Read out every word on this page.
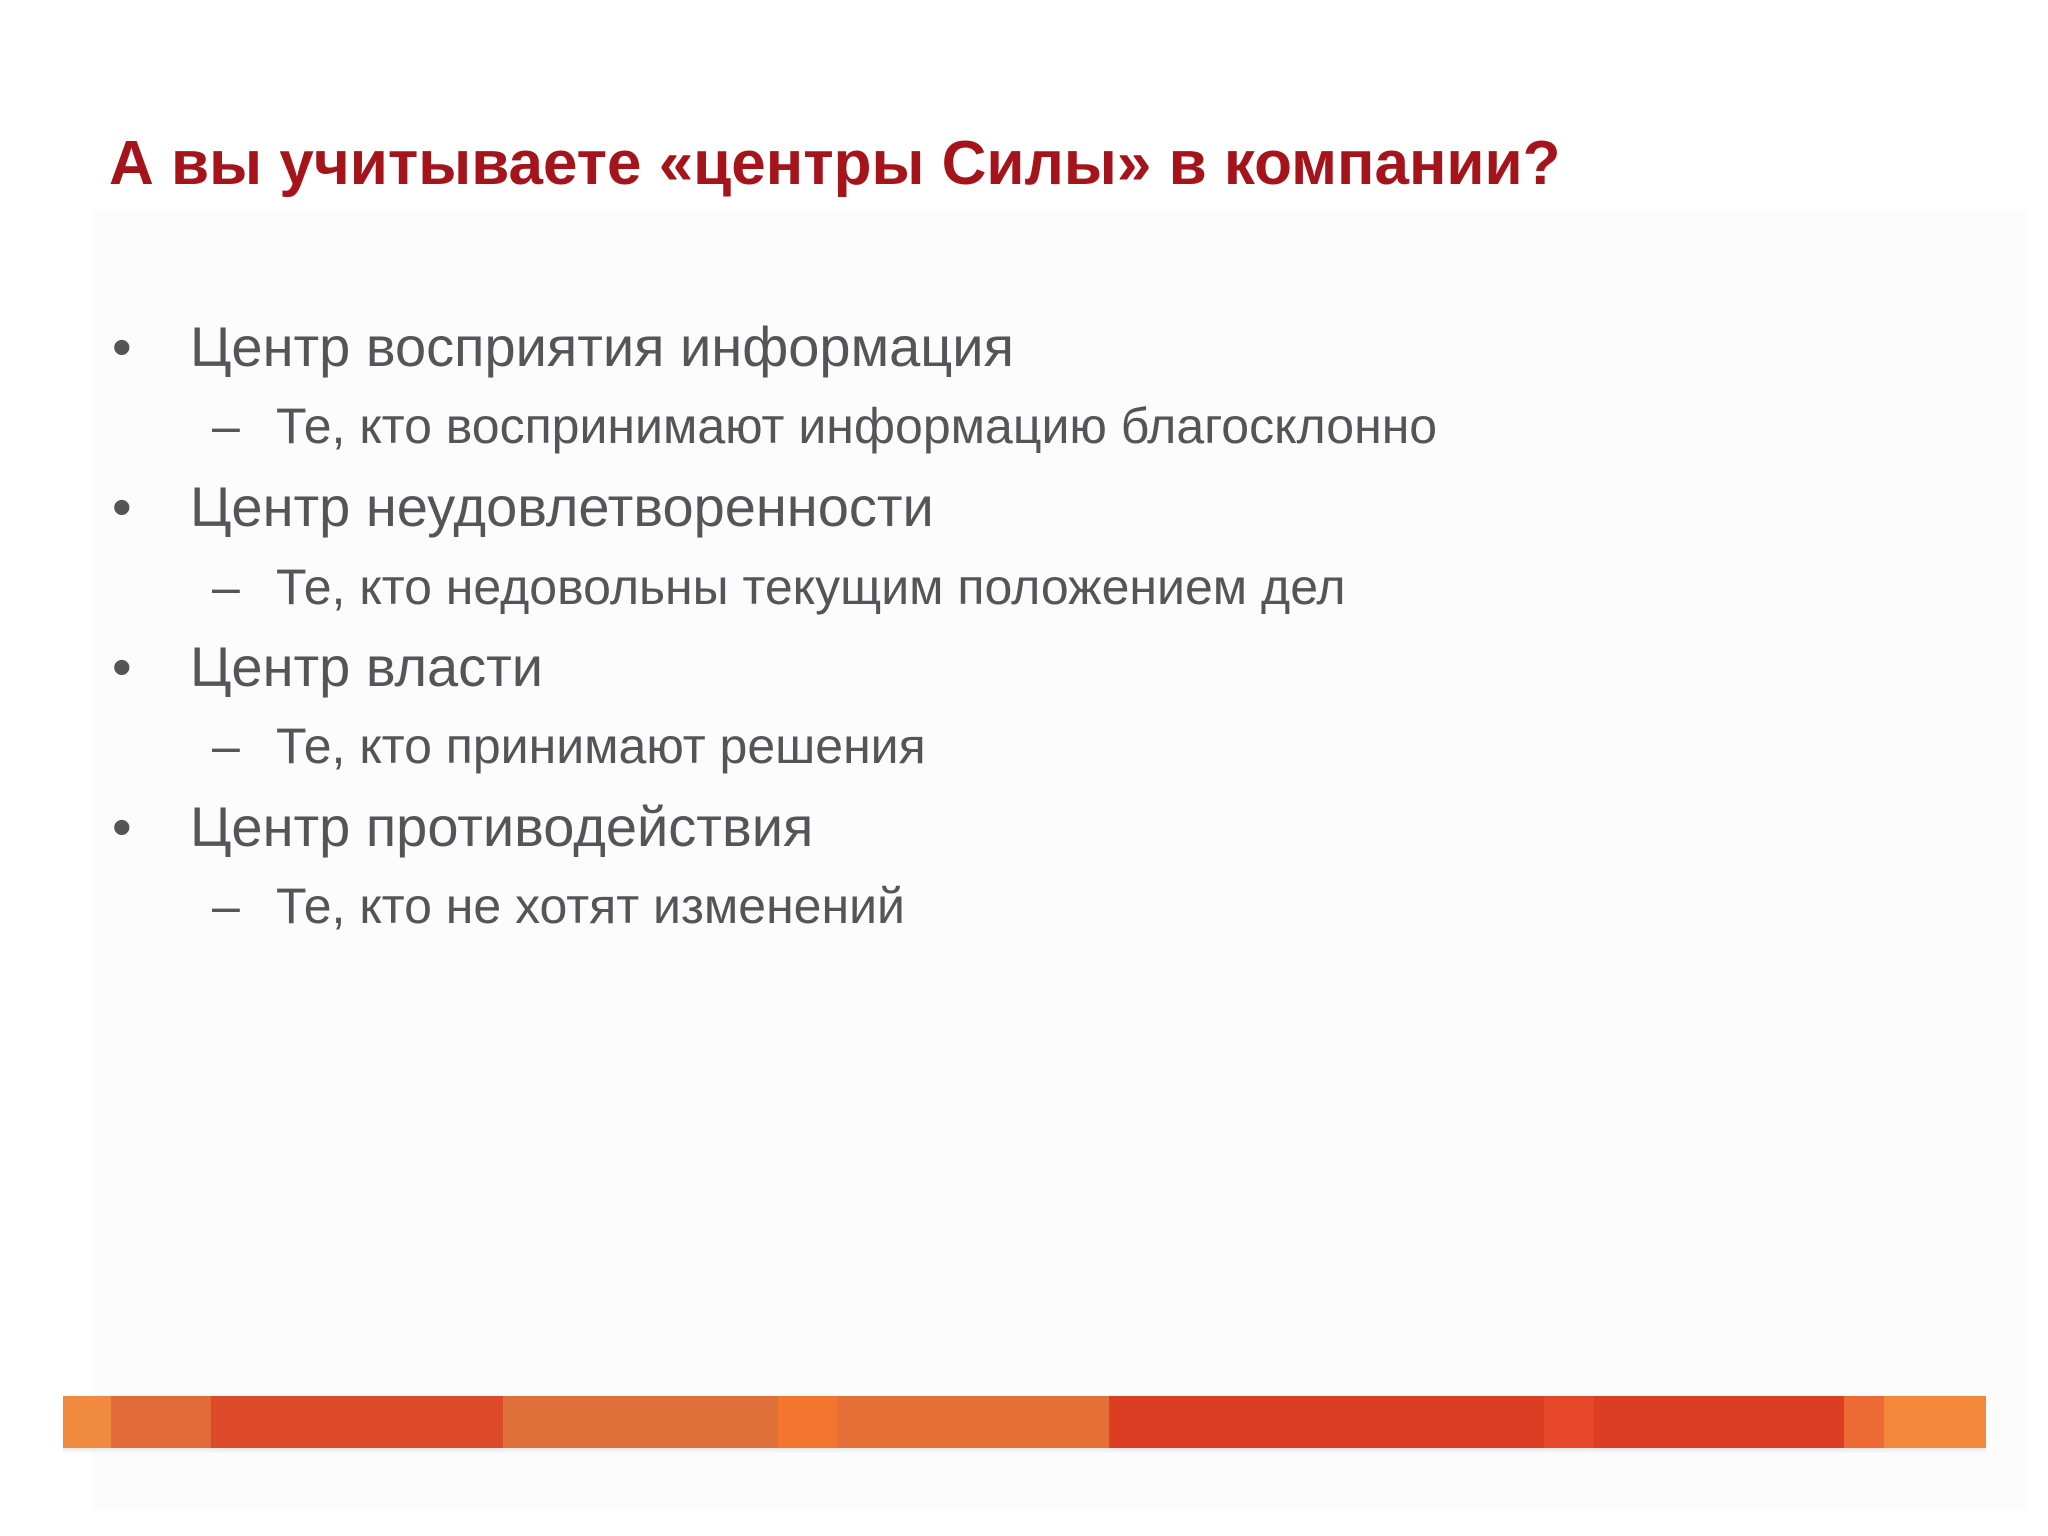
А вы учитываете «центры Силы» в компании?
• Центр восприятия информация
– Те, кто воспринимают информацию благосклонно
• Центр неудовлетворенности
– Те, кто недовольны текущим положением дел
• Центр власти
– Те, кто принимают решения
• Центр противодействия
– Те, кто не хотят изменений
